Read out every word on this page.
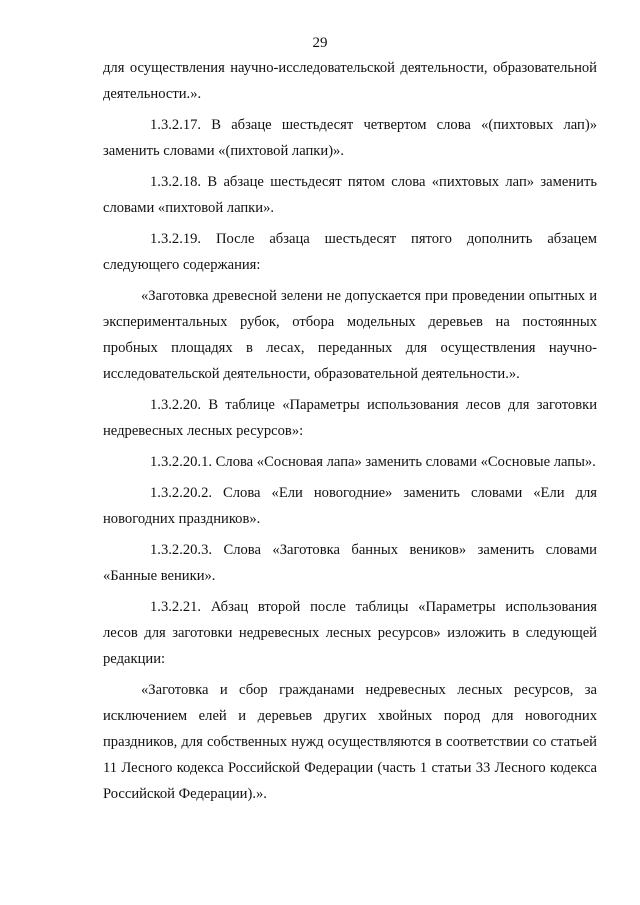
29

для осуществления научно-исследовательской деятельности, образовательной деятельности.».

1.3.2.17. В абзаце шестьдесят четвертом слова «(пихтовых лап)» заменить словами «(пихтовой лапки)».

1.3.2.18. В абзаце шестьдесят пятом слова «пихтовых лап» заменить словами «пихтовой лапки».

1.3.2.19. После абзаца шестьдесят пятого дополнить абзацем следующего содержания:

«Заготовка древесной зелени не допускается при проведении опытных и экспериментальных рубок, отбора модельных деревьев на постоянных пробных площадях в лесах, переданных для осуществления научно-исследовательской деятельности, образовательной деятельности.».

1.3.2.20. В таблице «Параметры использования лесов для заготовки недревесных лесных ресурсов»:

1.3.2.20.1. Слова «Сосновая лапа» заменить словами «Сосновые лапы».

1.3.2.20.2. Слова «Ели новогодние» заменить словами «Ели для новогодних праздников».

1.3.2.20.3. Слова «Заготовка банных веников» заменить словами «Банные веники».

1.3.2.21. Абзац второй после таблицы «Параметры использования лесов для заготовки недревесных лесных ресурсов» изложить в следующей редакции:

«Заготовка и сбор гражданами недревесных лесных ресурсов, за исключением елей и деревьев других хвойных пород для новогодних праздников, для собственных нужд осуществляются в соответствии со статьей 11 Лесного кодекса Российской Федерации (часть 1 статьи 33 Лесного кодекса Российской Федерации).».
